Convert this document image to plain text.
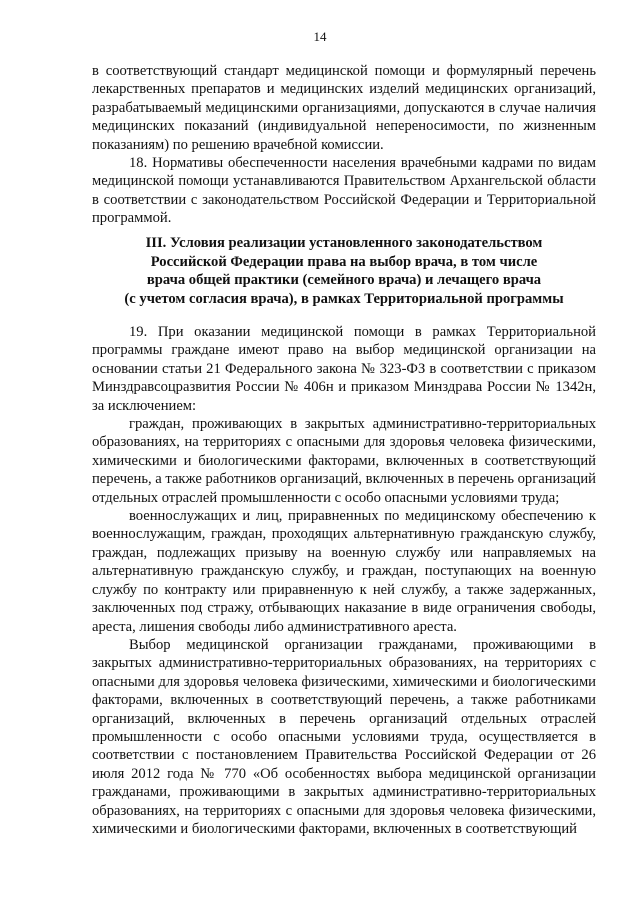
14

в соответствующий стандарт медицинской помощи и формулярный перечень лекарственных препаратов и медицинских изделий медицинских организаций, разрабатываемый медицинскими организациями, допускаются в случае наличия медицинских показаний (индивидуальной непереносимости, по жизненным показаниям) по решению врачебной комиссии.

18. Нормативы обеспеченности населения врачебными кадрами по видам медицинской помощи устанавливаются Правительством Архангельской области в соответствии с законодательством Российской Федерации и Территориальной программой.

III. Условия реализации установленного законодательством
Российской Федерации права на выбор врача, в том числе
врача общей практики (семейного врача) и лечащего врача
(с учетом согласия врача), в рамках Территориальной программы

19. При оказании медицинской помощи в рамках Территориальной программы граждане имеют право на выбор медицинской организации на основании статьи 21 Федерального закона № 323-ФЗ в соответствии с приказом Минздравсоцразвития России № 406н и приказом Минздрава России № 1342н, за исключением:

граждан, проживающих в закрытых административно-территориальных образованиях, на территориях с опасными для здоровья человека физическими, химическими и биологическими факторами, включенных в соответствующий перечень, а также работников организаций, включенных в перечень организаций отдельных отраслей промышленности с особо опасными условиями труда;

военнослужащих и лиц, приравненных по медицинскому обеспечению к военнослужащим, граждан, проходящих альтернативную гражданскую службу, граждан, подлежащих призыву на военную службу или направляемых на альтернативную гражданскую службу, и граждан, поступающих на военную службу по контракту или приравненную к ней службу, а также задержанных, заключенных под стражу, отбывающих наказание в виде ограничения свободы, ареста, лишения свободы либо административного ареста.

Выбор медицинской организации гражданами, проживающими в закрытых административно-территориальных образованиях, на территориях с опасными для здоровья человека физическими, химическими и биологическими факторами, включенных в соответствующий перечень, а также работниками организаций, включенных в перечень организаций отдельных отраслей промышленности с особо опасными условиями труда, осуществляется в соответствии с постановлением Правительства Российской Федерации от 26 июля 2012 года № 770 «Об особенностях выбора медицинской организации гражданами, проживающими в закрытых административно-территориальных образованиях, на территориях с опасными для здоровья человека физическими, химическими и биологическими факторами, включенных в соответствующий
